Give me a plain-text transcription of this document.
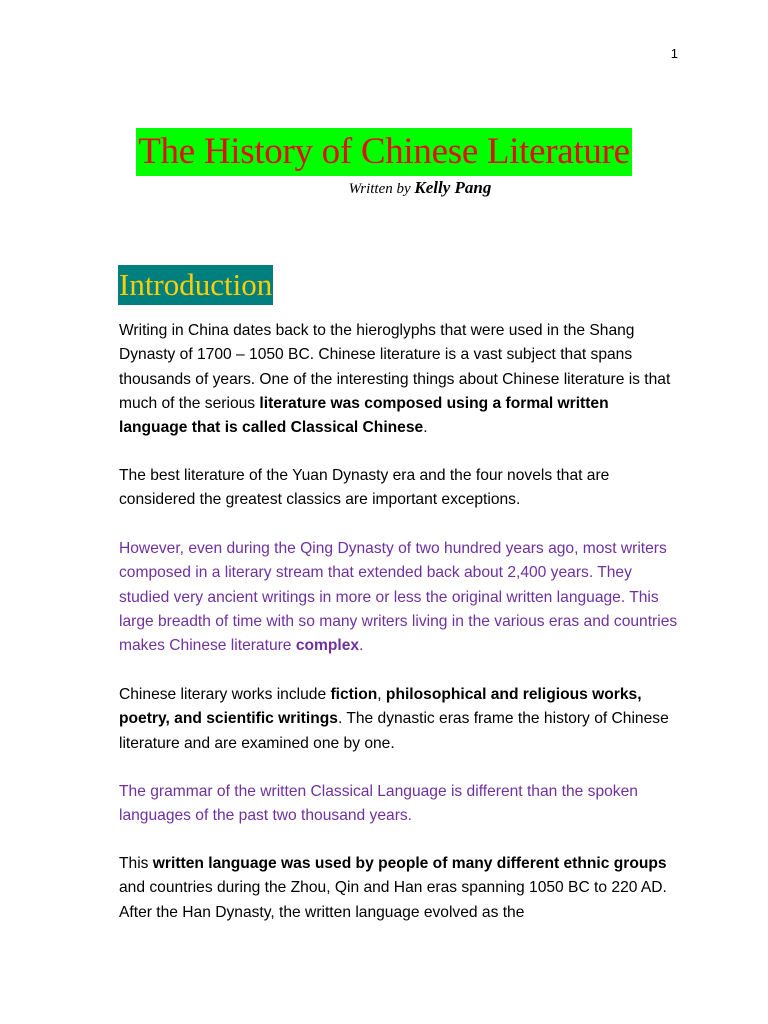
1
The History of Chinese Literature
Written by Kelly Pang
Introduction
Writing in China dates back to the hieroglyphs that were used in the Shang Dynasty of 1700 – 1050 BC. Chinese literature is a vast subject that spans thousands of years. One of the interesting things about Chinese literature is that much of the serious literature was composed using a formal written language that is called Classical Chinese.
The best literature of the Yuan Dynasty era and the four novels that are considered the greatest classics are important exceptions.
However, even during the Qing Dynasty of two hundred years ago, most writers composed in a literary stream that extended back about 2,400 years. They studied very ancient writings in more or less the original written language. This large breadth of time with so many writers living in the various eras and countries makes Chinese literature complex.
Chinese literary works include fiction, philosophical and religious works, poetry, and scientific writings. The dynastic eras frame the history of Chinese literature and are examined one by one.
The grammar of the written Classical Language is different than the spoken languages of the past two thousand years.
This written language was used by people of many different ethnic groups and countries during the Zhou, Qin and Han eras spanning 1050 BC to 220 AD. After the Han Dynasty, the written language evolved as the
